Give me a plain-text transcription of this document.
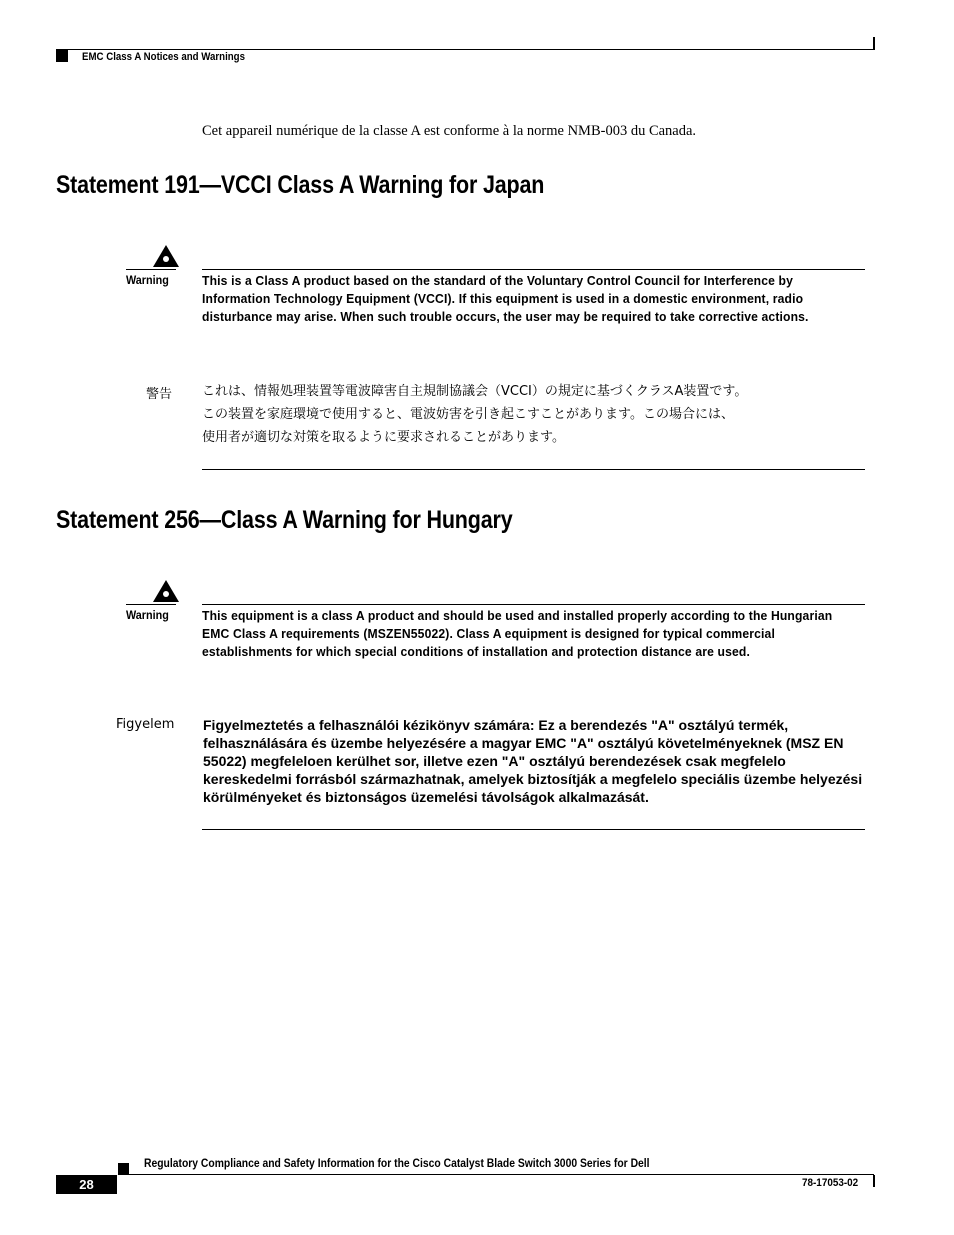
EMC Class A Notices and Warnings
Cet appareil numérique de la classe A est conforme à la norme NMB-003 du Canada.
Statement 191—VCCI Class A Warning for Japan
Warning	This is a Class A product based on the standard of the Voluntary Control Council for Interference by Information Technology Equipment (VCCI). If this equipment is used in a domestic environment, radio disturbance may arise. When such trouble occurs, the user may be required to take corrective actions.
警告 これは、情報処理装置等電波障害自主規制協議会（VCCI）の規定に基づくクラスA装置です。
この装置を家庭環境で使用すると、電波妨害を引き起こすことがあります。この場合には、
使用者が適切な対策を取るように要求されることがあります。
Statement 256—Class A Warning for Hungary
Warning	This equipment is a class A product and should be used and installed properly according to the Hungarian EMC Class A requirements (MSZEN55022). Class A equipment is designed for typical commercial establishments for which special conditions of installation and protection distance are used.
Figyelem Figyelmeztetés a felhasználói kézikönyv számára: Ez a berendezés "A" osztályú termék, felhasználására és üzembe helyezésére a magyar EMC "A" osztályú követelményeknek (MSZ EN 55022) megfeleloen kerülhet sor, illetve ezen "A" osztályú berendezések csak megfelelo kereskedelmi forrásból származhatnak, amelyek biztosítják a megfelelo speciális üzembe helyezési körülményeket és biztonságos üzemelési távolságok alkalmazását.
Regulatory Compliance and Safety Information for the Cisco Catalyst Blade Switch 3000 Series for Dell
28	78-17053-02
